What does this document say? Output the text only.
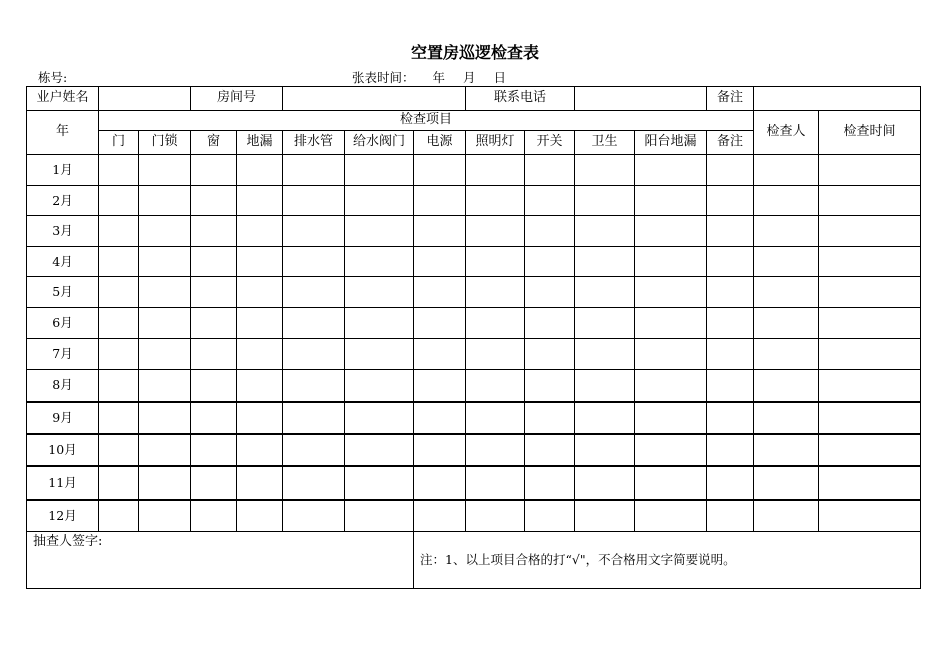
空置房巡逻检查表
栋号:	张表时间： 年 月 日
业户姓名			房间号					联系电话				备注		
年	检查项目												检查人	检查时间
	门	门锁	窗	地漏	排水管	给水阀门	电源	照明灯	开关	卫生	阳台地漏	备注		
1月														
2月														
3月														
4月														
5月														
6月														
7月														
8月														
9月														
10月														
11月														
12月														
抽查人签字:							注：1、以上项目合格的打“√"，不合格用文字简要说明。							
